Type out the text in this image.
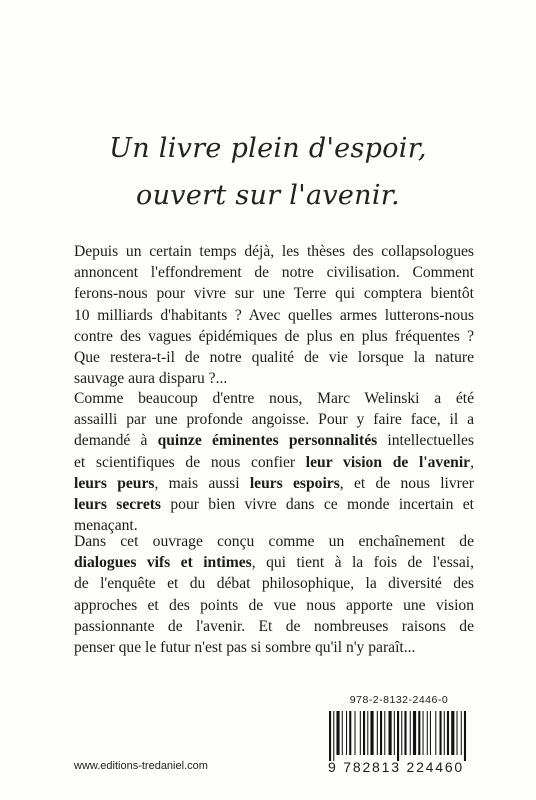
Un livre plein d'espoir,
ouvert sur l'avenir.
Depuis un certain temps déjà, les thèses des collapsologues
annoncent l'effondrement de notre civilisation. Comment
ferons-nous pour vivre sur une Terre qui comptera bientôt
10 milliards d'habitants ? Avec quelles armes lutterons-nous
contre des vagues épidémiques de plus en plus fréquentes ?
Que restera-t-il de notre qualité de vie lorsque la nature
sauvage aura disparu ?...
Comme beaucoup d'entre nous, Marc Welinski a été
assailli par une profonde angoisse. Pour y faire face, il a
demandé à quinze éminentes personnalités intellectuelles
et scientifiques de nous confier leur vision de l'avenir,
leurs peurs, mais aussi leurs espoirs, et de nous livrer
leurs secrets pour bien vivre dans ce monde incertain et
menaçant.
Dans cet ouvrage conçu comme un enchaînement de
dialogues vifs et intimes, qui tient à la fois de l'essai,
de l'enquête et du débat philosophique, la diversité des
approches et des points de vue nous apporte une vision
passionnante de l'avenir. Et de nombreuses raisons de
penser que le futur n'est pas si sombre qu'il n'y paraît...
978-2-8132-2446-0
9 782813 224460
www.editions-tredaniel.com
